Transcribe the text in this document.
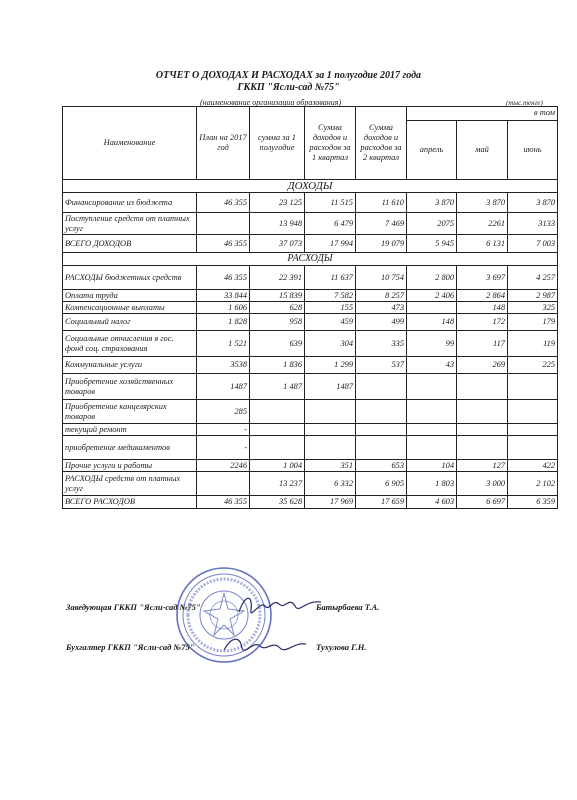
ОТЧЕТ О ДОХОДАХ И РАСХОДАХ за 1 полугодие 2017 года
ГККП "Ясли-сад №75"
(наименование организации образования)	(тыс.тенге)
Наименование	План на 2017 год	сумма за 1 полугодие	Сумма доходов и расходов за 1 квартал	Сумма доходов и расходов за 2 квартал	в том		
					апрель	май	июнь
ДОХОДЫ							
Финансирование из бюджета	46 355	23 125	11 515	11 610	3 870	3 870	3 870
Поступление средств от платных услуг		13 948	6 479	7 469	2075	2261	3133
ВСЕГО ДОХОДОВ	46 355	37 073	17 994	19 079	5 945	6 131	7 003
РАСХОДЫ							
РАСХОДЫ бюджетных средств	46 355	22 391	11 637	10 754	2 800	3 697	4 257
Оплата труда	33 844	15 839	7 582	8 257	2 406	2 864	2 987
Компенсационные выплаты	1 606	628	155	473		148	325
Социальный налог	1 828	958	459	499	148	172	179
Социальные отчисления в гос. фонд соц. страхования	1 521	639	304	335	99	117	119
Коммунальные услуги	3538	1 836	1 299	537	43	269	225
Приобретение хозяйственных товаров	1487	1 487	1487				
Приобретение канцелярских товаров	285						
текущий ремонт	-						
приобретение медикаментов	-						
Прочие услуги и работы	2246	1 004	351	653	104	127	422
РАСХОДЫ средств от платных услуг		13 237	6 332	6 905	1 803	3 000	2 102
ВСЕГО РАСХОДОВ	46 355	35 628	17 969	17 659	4 603	6 697	6 359
Заведующая ГККП "Ясли-сад №75"	Батырбаева Т.А.
Бухгалтер ГККП "Ясли-сад №75"	Тухулова Г.Н.
